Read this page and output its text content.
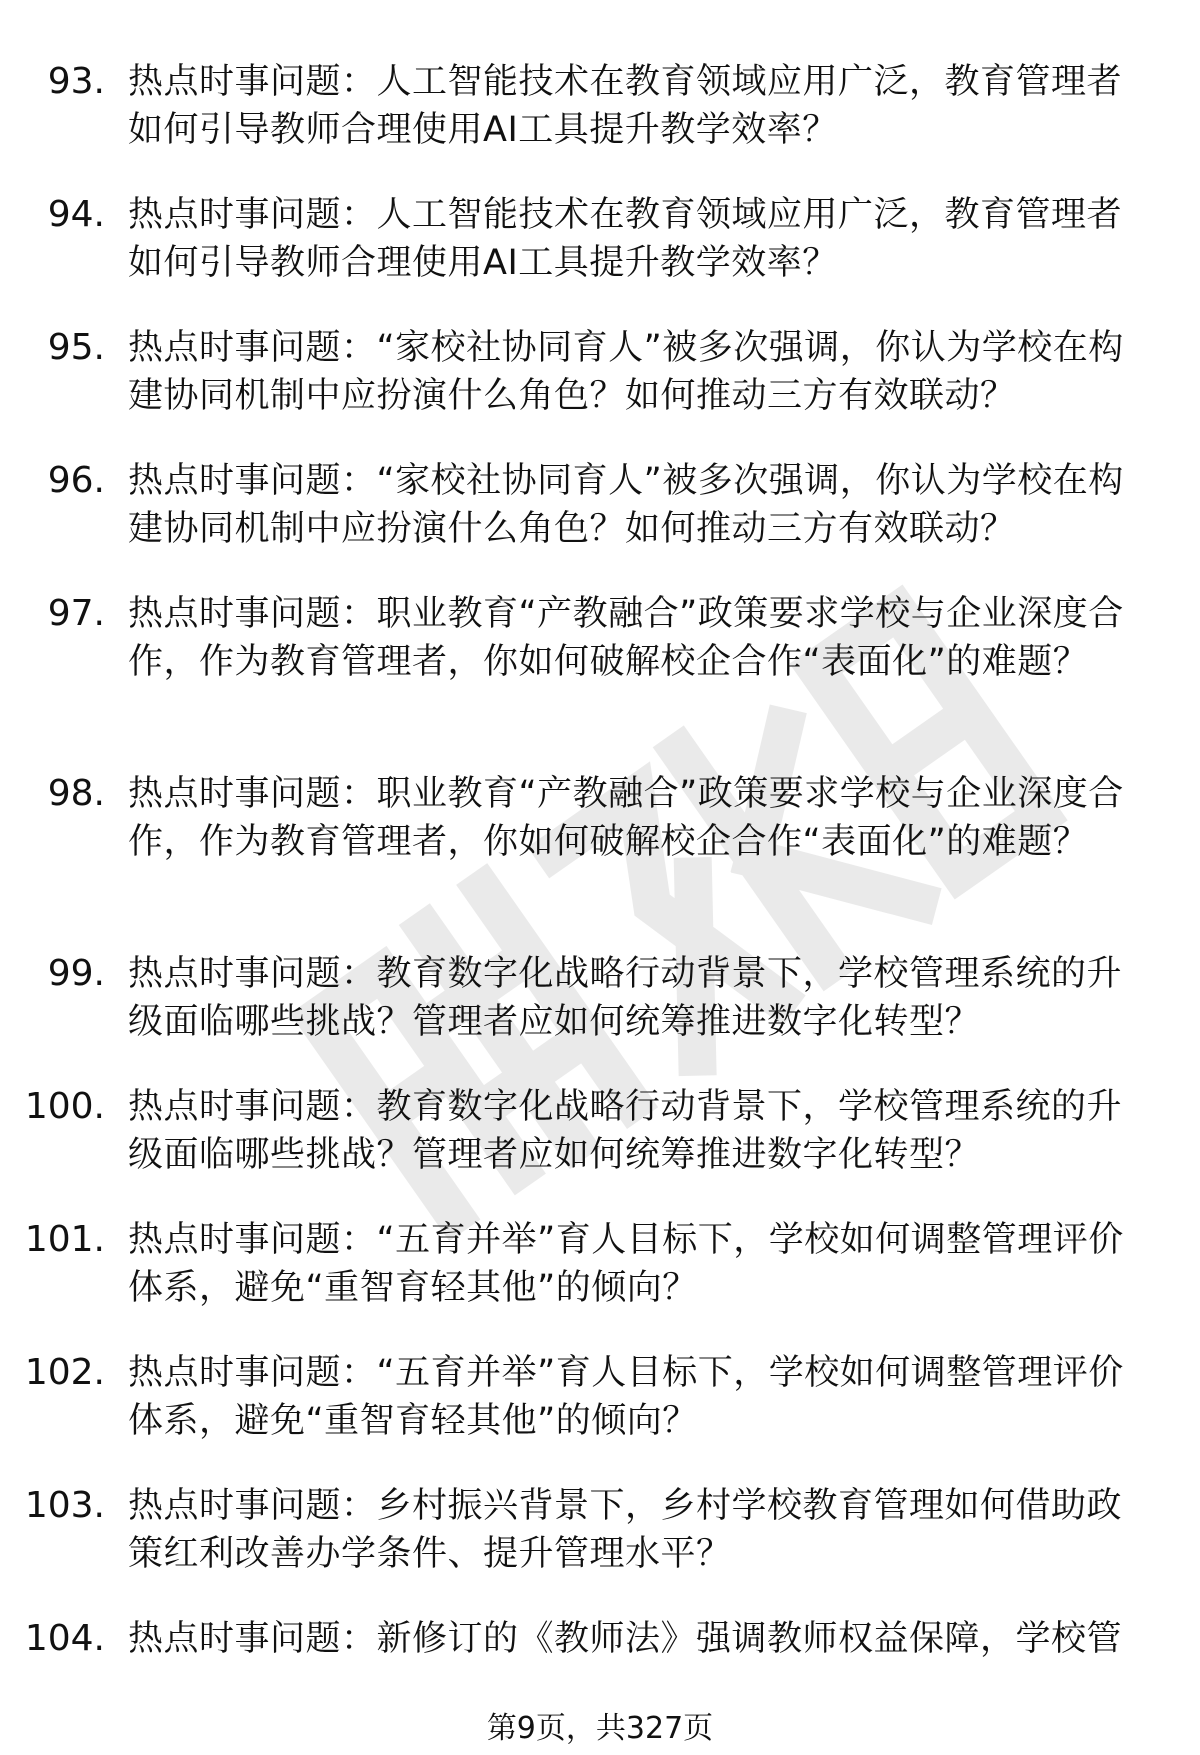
93. 热点时事问题：人工智能技术在教育领域应用广泛，教育管理者如何引导教师合理使用AI工具提升教学效率？
94. 热点时事问题：人工智能技术在教育领域应用广泛，教育管理者如何引导教师合理使用AI工具提升教学效率？
95. 热点时事问题：“家校社协同育人”被多次强调，你认为学校在构建协同机制中应扮演什么角色？如何推动三方有效联动？
96. 热点时事问题：“家校社协同育人”被多次强调，你认为学校在构建协同机制中应扮演什么角色？如何推动三方有效联动？
97. 热点时事问题：职业教育“产教融合”政策要求学校与企业深度合作，作为教育管理者，你如何破解校企合作“表面化”的难题？
98. 热点时事问题：职业教育“产教融合”政策要求学校与企业深度合作，作为教育管理者，你如何破解校企合作“表面化”的难题？
99. 热点时事问题：教育数字化战略行动背景下，学校管理系统的升级面临哪些挑战？管理者应如何统筹推进数字化转型？
100. 热点时事问题：教育数字化战略行动背景下，学校管理系统的升级面临哪些挑战？管理者应如何统筹推进数字化转型？
101. 热点时事问题：“五育并举”育人目标下，学校如何调整管理评价体系，避免“重智育轻其他”的倾向？
102. 热点时事问题：“五育并举”育人目标下，学校如何调整管理评价体系，避免“重智育轻其他”的倾向？
103. 热点时事问题：乡村振兴背景下，乡村学校教育管理如何借助政策红利改善办学条件、提升管理水平？
104. 热点时事问题：新修订的《教师法》强调教师权益保障，学校管
第9页，共327页
